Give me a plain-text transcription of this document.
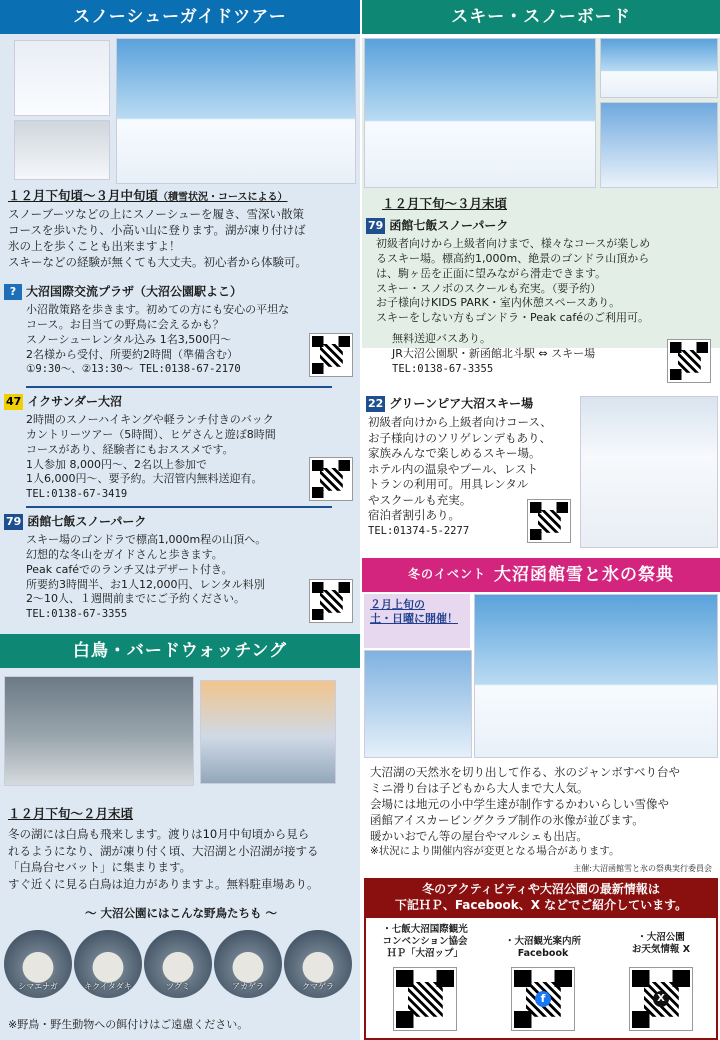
スノーシューガイドツアー
１２月下旬頃～３月中旬頃（積雪状況・コースによる）
スノーブーツなどの上にスノーシューを履き、雪深い散策
コースを歩いたり、小高い山に登ります。湖が凍り付けば
氷の上を歩くことも出来ますよ！
スキーなどの経験が無くても大丈夫。初心者から体験可。
? 大沼国際交流プラザ（大沼公園駅よこ）
小沼散策路を歩きます。初めての方にも安心の平坦な
コース。お目当ての野鳥に会えるかも？
スノーシューレンタル込み 1名3,500円～
2名様から受付、所要約2時間（準備含む）
①9:30～、②13:30～ TEL:0138-67-2170
47 イクサンダー大沼
2時間のスノーハイキングや軽ランチ付きのバック
カントリーツアー（5時間）、ヒゲさんと遊ぼ8時間
コースがあり、経験者にもおススメです。
1人参加 8,000円～、2名以上参加で
1人6,000円～、要予約。大沼管内無料送迎有。
TEL:0138-67-3419
79 函館七飯スノーパーク
スキー場のゴンドラで標高1,000m程の山頂へ。
幻想的な冬山をガイドさんと歩きます。
Peak caféでのランチ又はデザート付き。
所要約3時間半、お1人12,000円、レンタル料別
2～10人、１週間前までにご予約ください。
TEL:0138-67-3355
白鳥・バードウォッチング
１２月下旬～２月末頃
冬の湖には白鳥も飛来します。渡りは10月中旬頃から見ら
れるようになり、湖が凍り付く頃、大沼湖と小沼湖が接する
「白鳥台セバット」に集まります。
すぐ近くに見る白鳥は迫力がありますよ。無料駐車場あり。
～ 大沼公園にはこんな野鳥たちも ～
シマエナガ	キクイタダキ	ツグミ	アカゲラ	クマゲラ
※野鳥・野生動物への餌付けはご遠慮ください。
スキー・スノーボード
１２月下旬～３月末頃
79 函館七飯スノーパーク
初級者向けから上級者向けまで、様々なコースが楽しめ
るスキー場。標高約1,000m、絶景のゴンドラ山頂から
は、駒ヶ岳を正面に望みながら滑走できます。
スキー・スノボのスクールも充実。（要予約）
お子様向けKIDS PARK・室内休憩スペースあり。
スキーをしない方もゴンドラ・Peak caféのご利用可。
無料送迎バスあり。
JR大沼公園駅・新函館北斗駅 ⇔ スキー場
TEL:0138-67-3355
22 グリーンピア大沼スキー場
初級者向けから上級者向けコース、
お子様向けのソリゲレンデもあり、
家族みんなで楽しめるスキー場。
ホテル内の温泉やプール、レスト
トランの利用可。用具レンタル
やスクールも充実。
宿泊者割引あり。
TEL:01374-5-2277
冬のイベント 大沼函館雪と氷の祭典
２月上旬の
土・日曜に開催！
大沼湖の天然氷を切り出して作る、氷のジャンボすべり台や
ミニ滑り台は子どもから大人まで大人気。
会場には地元の小中学生達が制作するかわいらしい雪像や
函館アイスカービングクラブ制作の氷像が並びます。
暖かいおでん等の屋台やマルシェも出店。
※状況により開催内容が変更となる場合があります。
主催:大沼函館雪と氷の祭典実行委員会
冬のアクティビティや大沼公園の最新情報は
下記ＨＰ、Facebook、X などでご紹介しています。
・七飯大沼国際観光
コンベンション協会
ＨＰ「大沼ップ」
・大沼観光案内所
Facebook
f
・大沼公園
お天気情報 X
X
